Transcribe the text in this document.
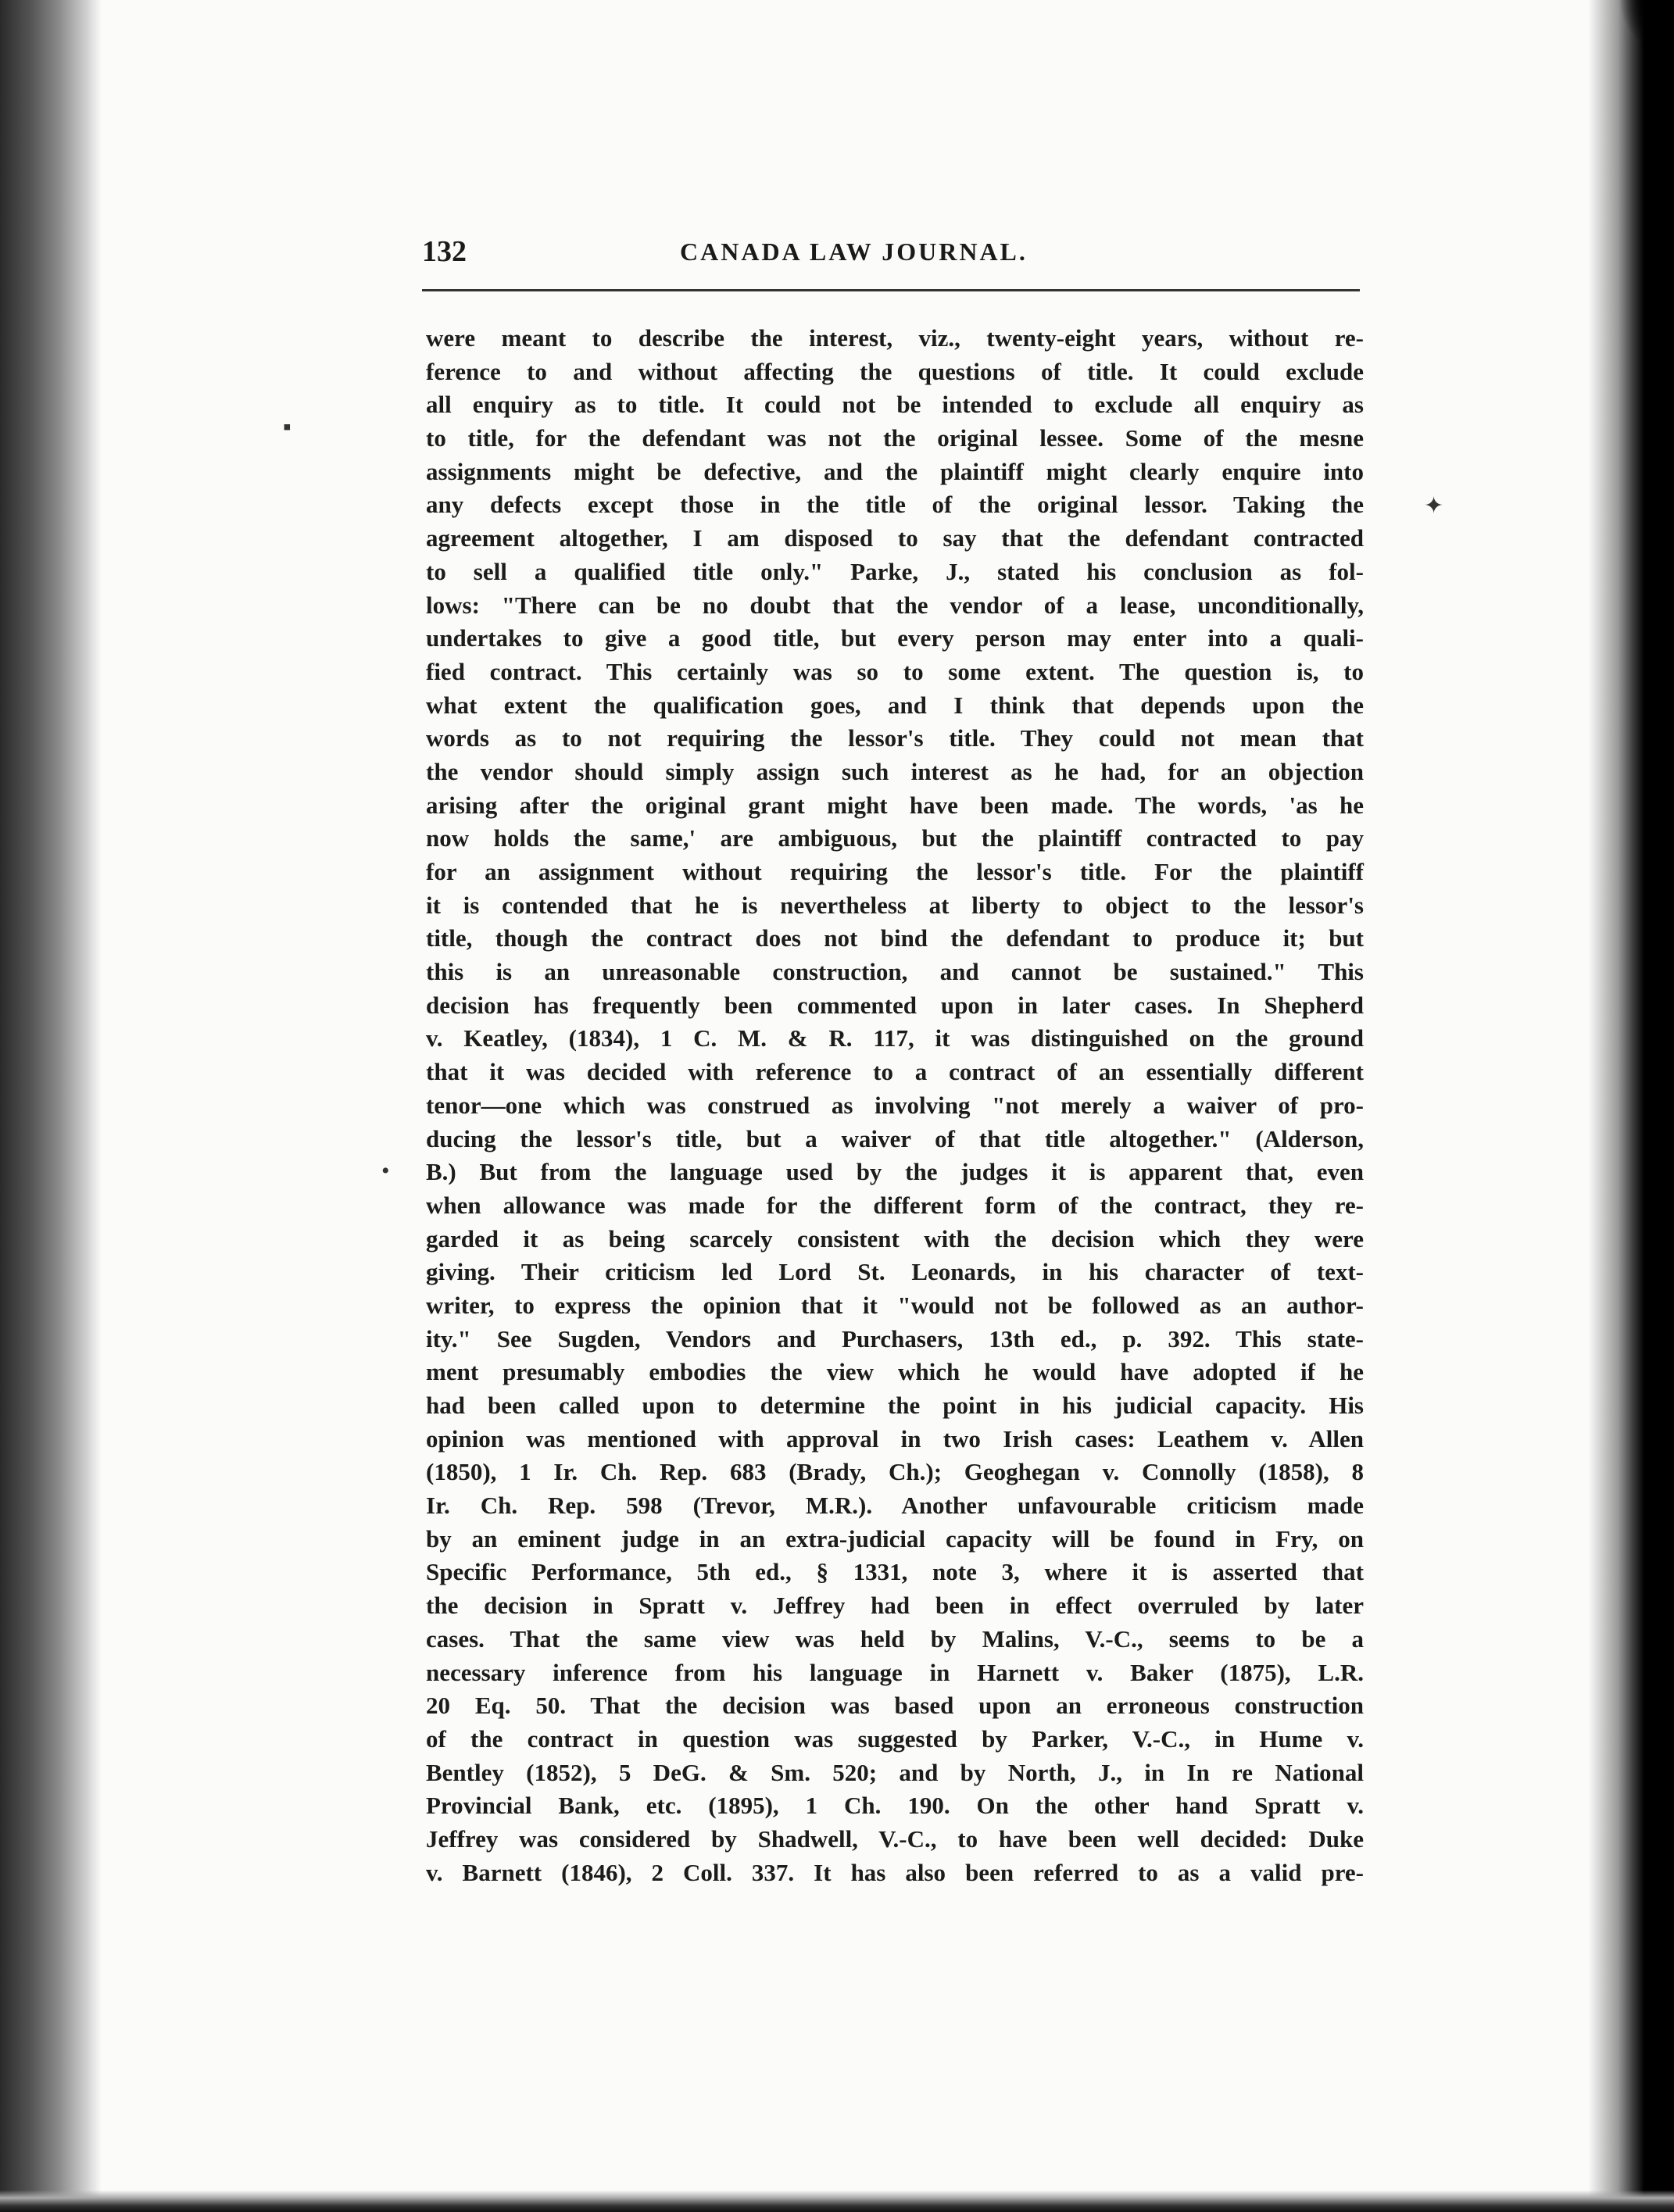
132	CANADA LAW JOURNAL.
▪
✦
•
were meant to describe the interest, viz., twenty-eight years, without re-
ference to and without affecting the questions of title. It could exclude
all enquiry as to title. It could not be intended to exclude all enquiry as
to title, for the defendant was not the original lessee. Some of the mesne
assignments might be defective, and the plaintiff might clearly enquire into
any defects except those in the title of the original lessor. Taking the
agreement altogether, I am disposed to say that the defendant contracted
to sell a qualified title only." Parke, J., stated his conclusion as fol-
lows: "There can be no doubt that the vendor of a lease, unconditionally,
undertakes to give a good title, but every person may enter into a quali-
fied contract. This certainly was so to some extent. The question is, to
what extent the qualification goes, and I think that depends upon the
words as to not requiring the lessor's title. They could not mean that
the vendor should simply assign such interest as he had, for an objection
arising after the original grant might have been made. The words, 'as he
now holds the same,' are ambiguous, but the plaintiff contracted to pay
for an assignment without requiring the lessor's title. For the plaintiff
it is contended that he is nevertheless at liberty to object to the lessor's
title, though the contract does not bind the defendant to produce it; but
this is an unreasonable construction, and cannot be sustained." This
decision has frequently been commented upon in later cases. In Shepherd
v. Keatley, (1834), 1 C. M. & R. 117, it was distinguished on the ground
that it was decided with reference to a contract of an essentially different
tenor—one which was construed as involving "not merely a waiver of pro-
ducing the lessor's title, but a waiver of that title altogether." (Alderson,
B.) But from the language used by the judges it is apparent that, even
when allowance was made for the different form of the contract, they re-
garded it as being scarcely consistent with the decision which they were
giving. Their criticism led Lord St. Leonards, in his character of text-
writer, to express the opinion that it "would not be followed as an author-
ity." See Sugden, Vendors and Purchasers, 13th ed., p. 392. This state-
ment presumably embodies the view which he would have adopted if he
had been called upon to determine the point in his judicial capacity. His
opinion was mentioned with approval in two Irish cases: Leathem v. Allen
(1850), 1 Ir. Ch. Rep. 683 (Brady, Ch.); Geoghegan v. Connolly (1858), 8
Ir. Ch. Rep. 598 (Trevor, M.R.). Another unfavourable criticism made
by an eminent judge in an extra-judicial capacity will be found in Fry, on
Specific Performance, 5th ed., § 1331, note 3, where it is asserted that
the decision in Spratt v. Jeffrey had been in effect overruled by later
cases. That the same view was held by Malins, V.-C., seems to be a
necessary inference from his language in Harnett v. Baker (1875), L.R.
20 Eq. 50. That the decision was based upon an erroneous construction
of the contract in question was suggested by Parker, V.-C., in Hume v.
Bentley (1852), 5 DeG. & Sm. 520; and by North, J., in In re National
Provincial Bank, etc. (1895), 1 Ch. 190. On the other hand Spratt v.
Jeffrey was considered by Shadwell, V.-C., to have been well decided: Duke
v. Barnett (1846), 2 Coll. 337. It has also been referred to as a valid pre-
